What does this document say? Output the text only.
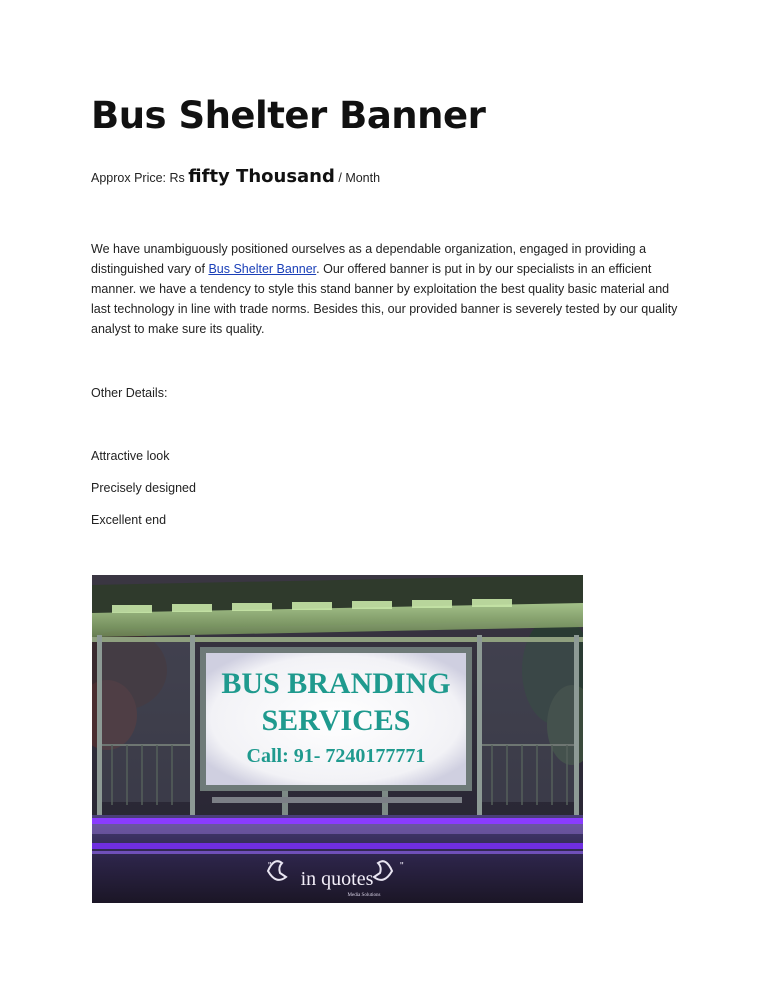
Bus Shelter Banner
Approx Price: Rs fifty Thousand / Month

We have unambiguously positioned ourselves as a dependable organization, engaged in providing a distinguished vary of Bus Shelter Banner. Our offered banner is put in by our specialists in an efficient manner. we have a tendency to style this stand banner by exploitation the best quality basic material and last technology in line with trade norms. Besides this, our provided banner is severely tested by our quality analyst to make sure its quality.

Other Details:

Attractive look

Precisely designed

Excellent end

BUS BRANDING
SERVICES
Call: 91- 7240177771
"	"
in quotes
Media Solutions
